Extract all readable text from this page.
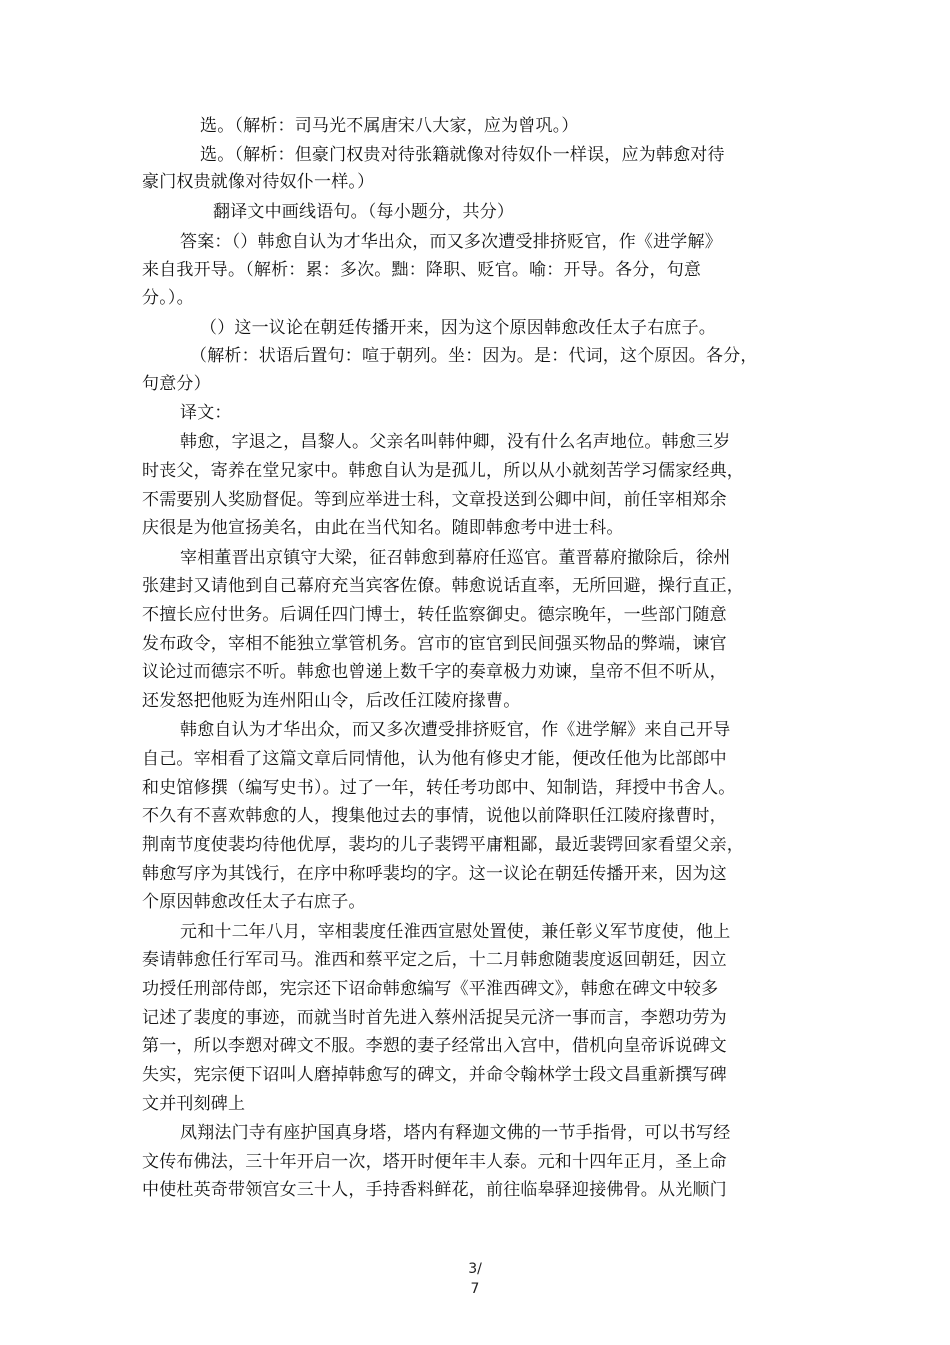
选。（解析：司马光不属唐宋八大家，应为曾巩。）
选。（解析：但豪门权贵对待张籍就像对待奴仆一样误，应为韩愈对待
豪门权贵就像对待奴仆一样。）
翻译文中画线语句。（每小题分，共分）
答案：（）韩愈自认为才华出众，而又多次遭受排挤贬官，作《进学解》
来自我开导。（解析：累：多次。黜：降职、贬官。喻：开导。各分，句意
分。）。
（）这一议论在朝廷传播开来，因为这个原因韩愈改任太子右庶子。
（解析：状语后置句：喧于朝列。坐：因为。是：代词，这个原因。各分，
句意分）
译文：
韩愈，字退之，昌黎人。父亲名叫韩仲卿，没有什么名声地位。韩愈三岁
时丧父，寄养在堂兄家中。韩愈自认为是孤儿，所以从小就刻苦学习儒家经典，
不需要别人奖励督促。等到应举进士科，文章投送到公卿中间，前任宰相郑余
庆很是为他宣扬美名，由此在当代知名。随即韩愈考中进士科。
宰相董晋出京镇守大梁，征召韩愈到幕府任巡官。董晋幕府撤除后，徐州
张建封又请他到自己幕府充当宾客佐僚。韩愈说话直率，无所回避，操行直正，
不擅长应付世务。后调任四门博士，转任监察御史。德宗晚年，一些部门随意
发布政令，宰相不能独立掌管机务。宫市的宦官到民间强买物品的弊端，谏官
议论过而德宗不听。韩愈也曾递上数千字的奏章极力劝谏，皇帝不但不听从，
还发怒把他贬为连州阳山令，后改任江陵府掾曹。
韩愈自认为才华出众，而又多次遭受排挤贬官，作《进学解》来自己开导
自己。宰相看了这篇文章后同情他，认为他有修史才能，便改任他为比部郎中
和史馆修撰（编写史书）。过了一年，转任考功郎中、知制诰，拜授中书舍人。
不久有不喜欢韩愈的人，搜集他过去的事情，说他以前降职任江陵府掾曹时，
荆南节度使裴均待他优厚，裴均的儿子裴锷平庸粗鄙，最近裴锷回家看望父亲，
韩愈写序为其饯行，在序中称呼裴均的字。这一议论在朝廷传播开来，因为这
个原因韩愈改任太子右庶子。
元和十二年八月，宰相裴度任淮西宣慰处置使，兼任彰义军节度使，他上
奏请韩愈任行军司马。淮西和蔡平定之后，十二月韩愈随裴度返回朝廷，因立
功授任刑部侍郎，宪宗还下诏命韩愈编写《平淮西碑文》，韩愈在碑文中较多
记述了裴度的事迹，而就当时首先进入蔡州活捉吴元济一事而言，李愬功劳为
第一，所以李愬对碑文不服。李愬的妻子经常出入宫中，借机向皇帝诉说碑文
失实，宪宗便下诏叫人磨掉韩愈写的碑文，并命令翰林学士段文昌重新撰写碑
文并刊刻碑上
凤翔法门寺有座护国真身塔，塔内有释迦文佛的一节手指骨，可以书写经
文传布佛法，三十年开启一次，塔开时便年丰人泰。元和十四年正月，圣上命
中使杜英奇带领宫女三十人，手持香料鲜花，前往临皋驿迎接佛骨。从光顺门
3/
7
